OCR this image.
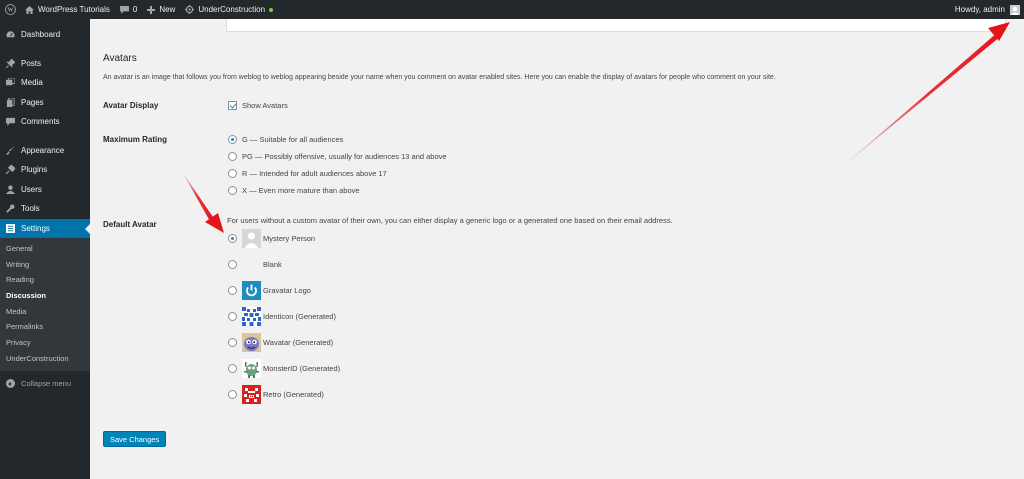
W	WordPress Tutorials	0	New	UnderConstruction	Howdy, admin
Dashboard
Posts
Media
Pages
Comments
Appearance
Plugins
Users
Tools
Settings
General
Writing
Reading
Discussion
Media
Permalinks
Privacy
UnderConstruction
Collapse menu
Avatars

An avatar is an image that follows you from weblog to weblog appearing beside your name when you comment on avatar enabled sites. Here you can enable the display of avatars for people who comment on your site.

Avatar Display	Show Avatars
Maximum Rating	G — Suitable for all audiences
PG — Possibly offensive, usually for audiences 13 and above
R — Intended for adult audiences above 17
X — Even more mature than above
Default Avatar	For users without a custom avatar of their own, you can either display a generic logo or a generated one based on their email address.

Mystery Person
Blank
Gravatar Logo
Identicon (Generated)
Wavatar (Generated)
MonsterID (Generated)
Retro (Generated)
Save Changes
